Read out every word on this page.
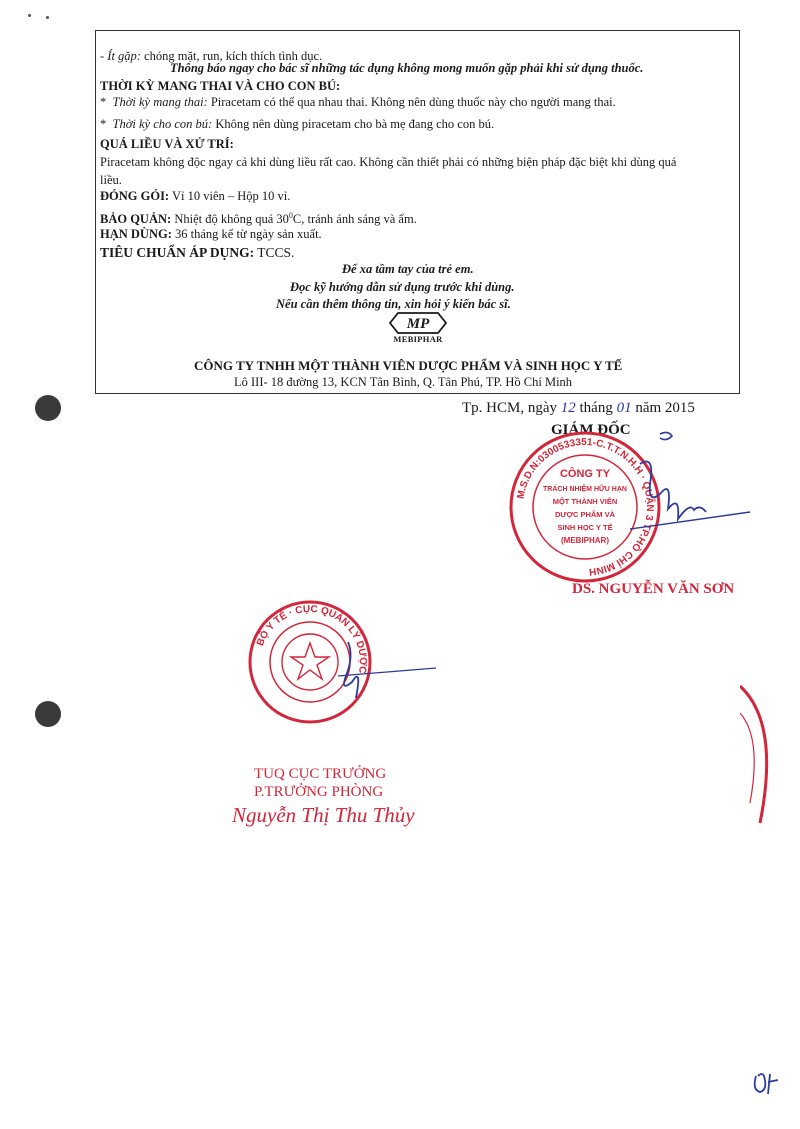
- Ít gặp: chóng mặt, run, kích thích tình dục.
Thông báo ngay cho bác sĩ những tác dụng không mong muốn gặp phải khi sử dụng thuốc.
THỜI KỲ MANG THAI VÀ CHO CON BÚ:
* Thời kỳ mang thai: Piracetam có thể qua nhau thai. Không nên dùng thuốc này cho người mang thai.
* Thời kỳ cho con bú: Không nên dùng piracetam cho bà mẹ đang cho con bú.
QUÁ LIỀU VÀ XỬ TRÍ:
Piracetam không độc ngay cả khi dùng liều rất cao. Không cần thiết phải có những biện pháp đặc biệt khi dùng quá
liều.
ĐÓNG GÓI: Vỉ 10 viên – Hộp 10 vỉ.
BẢO QUẢN: Nhiệt độ không quá $30^0C$, tránh ánh sáng và ẩm.
HẠN DÙNG: 36 tháng kể từ ngày sản xuất.
TIÊU CHUẨN ÁP DỤNG: TCCS.
Để xa tầm tay của trẻ em.
Đọc kỹ hướng dẫn sử dụng trước khi dùng.
Nếu cần thêm thông tin, xin hỏi ý kiến bác sĩ.
MP
MEBIPHAR
CÔNG TY TNHH MỘT THÀNH VIÊN DƯỢC PHẨM VÀ SINH HỌC Y TẾ
Lô III- 18 đường 13, KCN Tân Bình, Q. Tân Phú, TP. Hồ Chí Minh
Tp. HCM, ngày 12 tháng 01 năm 2015
GIÁM ĐỐC
M.S.D.N:0300533351-C.T.T.N.H.H · QUẬN 3 TP.HỒ CHÍ MINH
CÔNG TY
TRÁCH NHIỆM HỮU HẠN
MỘT THÀNH VIÊN
DƯỢC PHẨM VÀ
SINH HỌC Y TẾ
(MEBIPHAR)
DS. NGUYỄN VĂN SƠN
BỘ Y TẾ · CỤC QUẢN LÝ DƯỢC
TUQ CỤC TRƯỞNG
P.TRƯỞNG PHÒNG
Nguyễn Thị Thu Thủy
